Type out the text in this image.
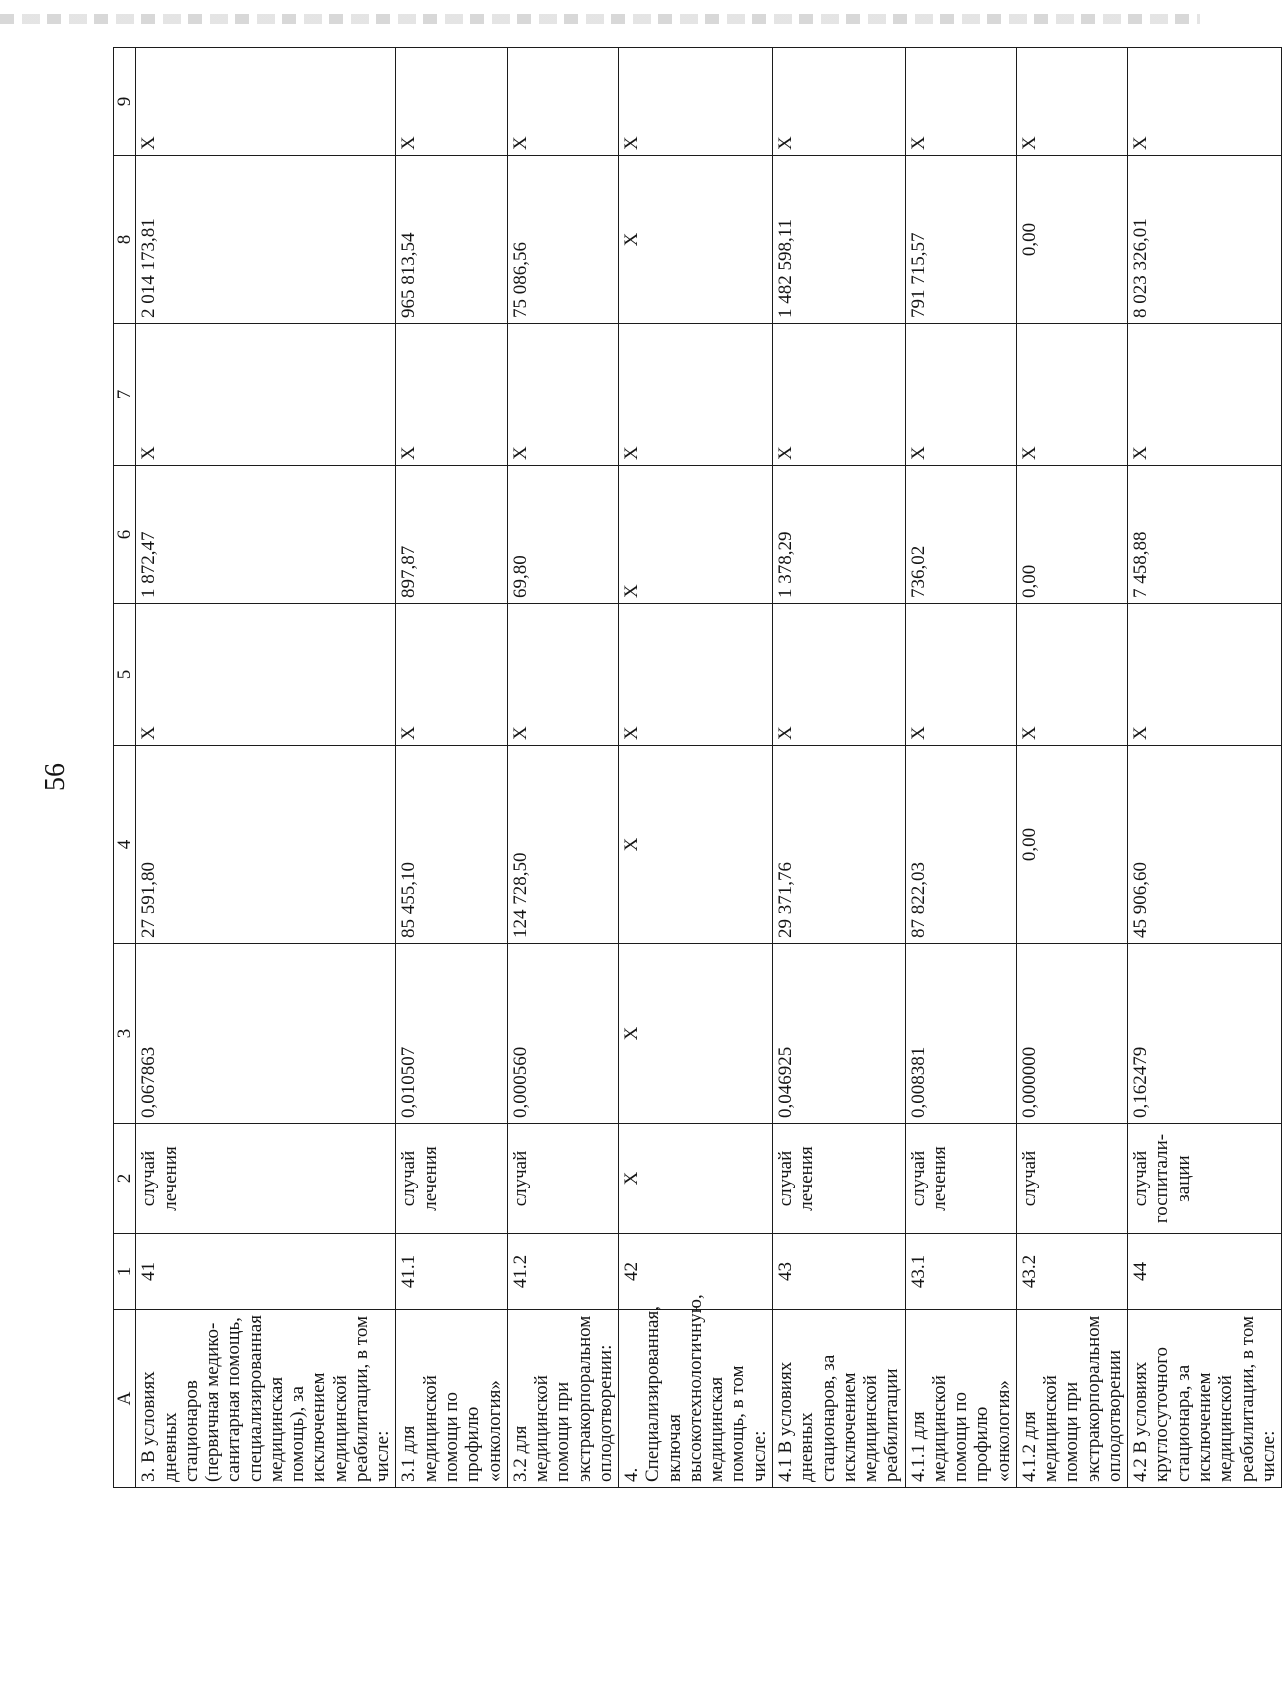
56
А	1	2	3	4	5	6	7	8	9
3. В условиях дневных стационаров (первичная медико-санитарная помощь, специализированная медицинская помощь), за исключением медицинской реабилитации, в том числе:	41	случай лечения	0,067863	27 591,80	X	1 872,47	X	2 014 173,81	X
3.1 для медицинской помощи по профилю «онкология»	41.1	случай лечения	0,010507	85 455,10	X	897,87	X	965 813,54	X
3.2 для медицинской помощи при экстракорпоральном оплодотворении:	41.2	случай	0,000560	124 728,50	X	69,80	X	75 086,56	X
4. Специализированная, включая высокотехнологичную, медицинская помощь, в том числе:	42	X	X	X	X	X	X	X	X
4.1 В условиях дневных стационаров, за исключением медицинской реабилитации	43	случай лечения	0,046925	29 371,76	X	1 378,29	X	1 482 598,11	X
4.1.1 для медицинской помощи по профилю «онкология»	43.1	случай лечения	0,008381	87 822,03	X	736,02	X	791 715,57	X
4.1.2 для медицинской помощи при экстракорпоральном оплодотворении	43.2	случай	0,000000	0,00	X	0,00	X	0,00	X
4.2 В условиях круглосуточного стационара, за исключением медицинской реабилитации, в том числе:	44	случай госпитали-зации	0,162479	45 906,60	X	7 458,88	X	8 023 326,01	X
